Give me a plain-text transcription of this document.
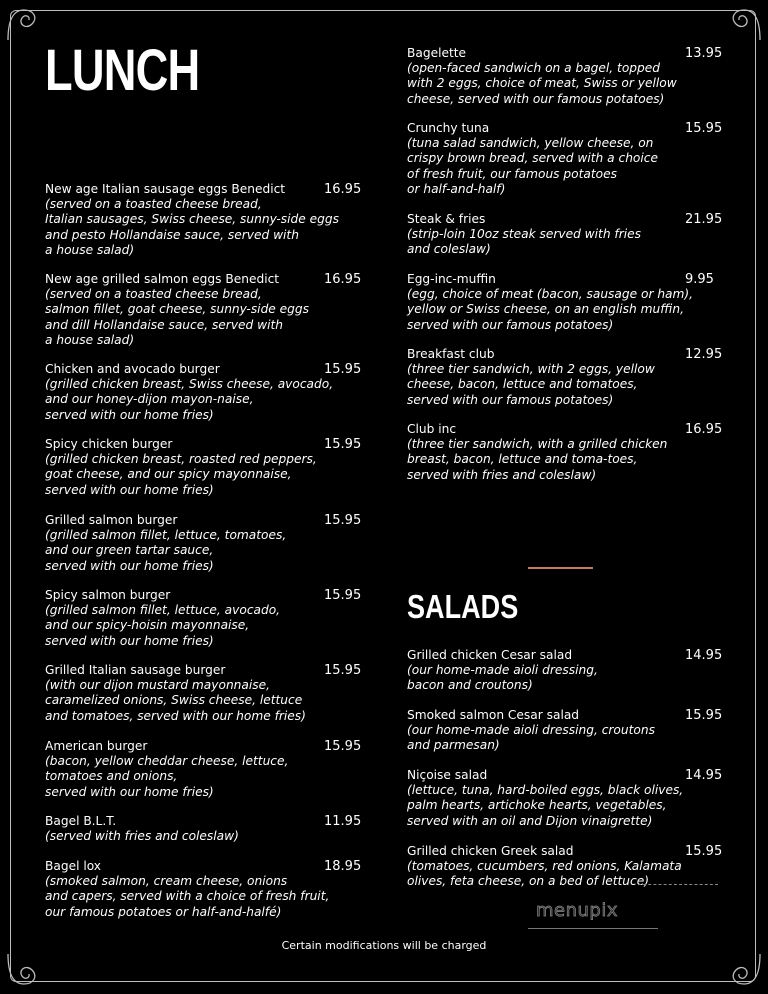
LUNCH
SALADS
New age Italian sausage eggs Benedict
(served on a toasted cheese bread,
Italian sausages, Swiss cheese, sunny-side eggs
and pesto Hollandaise sauce, served with
a house salad)
16.95
New age grilled salmon eggs Benedict
(served on a toasted cheese bread,
salmon fillet, goat cheese, sunny-side eggs
and dill Hollandaise sauce, served with
a house salad)
16.95
Chicken and avocado burger
(grilled chicken breast, Swiss cheese, avocado,
and our honey-dijon mayon-naise,
served with our home fries)
15.95
Spicy chicken burger
(grilled chicken breast, roasted red peppers,
goat cheese, and our spicy mayonnaise,
served with our home fries)
15.95
Grilled salmon burger
(grilled salmon fillet, lettuce, tomatoes,
and our green tartar sauce,
served with our home fries)
15.95
Spicy salmon burger
(grilled salmon fillet, lettuce, avocado,
and our spicy-hoisin mayonnaise,
served with our home fries)
15.95
Grilled Italian sausage burger
(with our dijon mustard mayonnaise,
caramelized onions, Swiss cheese, lettuce
and tomatoes, served with our home fries)
15.95
American burger
(bacon, yellow cheddar cheese, lettuce,
tomatoes and onions,
served with our home fries)
15.95
Bagel B.L.T.
(served with fries and coleslaw)
11.95
Bagel lox
(smoked salmon, cream cheese, onions
and capers, served with a choice of fresh fruit,
our famous potatoes or half-and-halfé)
18.95
Bagelette
(open-faced sandwich on a bagel, topped
with 2 eggs, choice of meat, Swiss or yellow
cheese, served with our famous potatoes)
13.95
Crunchy tuna
(tuna salad sandwich, yellow cheese, on
crispy brown bread, served with a choice
of fresh fruit, our famous potatoes
or half-and-half)
15.95
Steak & fries
(strip-loin 10oz steak served with fries
and coleslaw)
21.95
Egg-inc-muffin
(egg, choice of meat (bacon, sausage or ham),
yellow or Swiss cheese, on an english muffin,
served with our famous potatoes)
9.95
Breakfast club
(three tier sandwich, with 2 eggs, yellow
cheese, bacon, lettuce and tomatoes,
served with our famous potatoes)
12.95
Club inc
(three tier sandwich, with a grilled chicken
breast, bacon, lettuce and toma-toes,
served with fries and coleslaw)
16.95
Grilled chicken Cesar salad
(our home-made aioli dressing,
bacon and croutons)
14.95
Smoked salmon Cesar salad
(our home-made aioli dressing, croutons
and parmesan)
15.95
Niçoise salad
(lettuce, tuna, hard-boiled eggs, black olives,
palm hearts, artichoke hearts, vegetables,
served with an oil and Dijon vinaigrette)
14.95
Grilled chicken Greek salad
(tomatoes, cucumbers, red onions, Kalamata
olives, feta cheese, on a bed of lettuce)
15.95
Certain modifications will be charged
menupix
